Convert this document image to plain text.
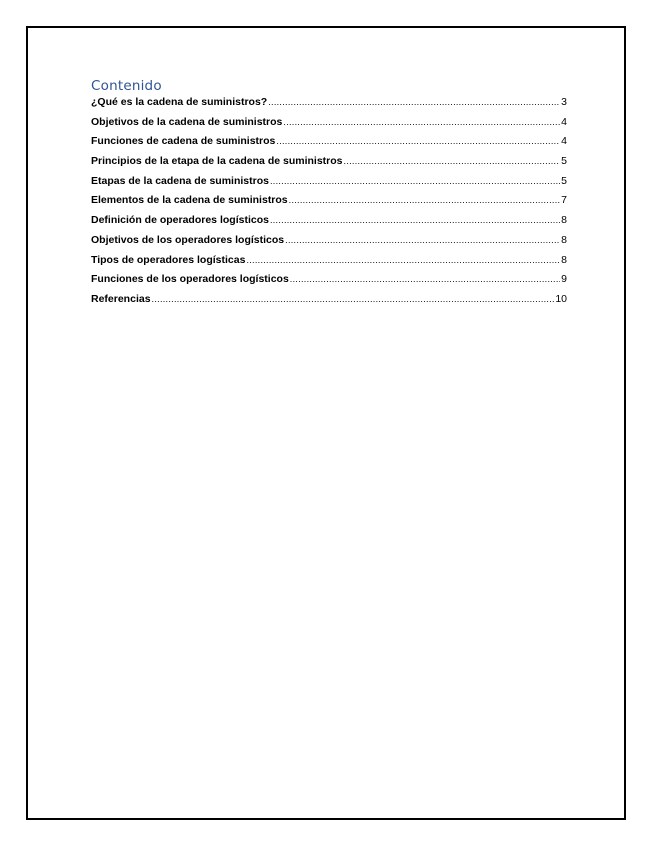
Contenido
¿Qué es la cadena de suministros? .....	3
Objetivos de la cadena de suministros .....	4
Funciones de cadena de suministros .....	4
Principios de la etapa de la cadena de suministros .....	5
Etapas de la cadena de suministros .....	5
Elementos de la cadena de suministros .....	7
Definición de operadores logísticos .....	8
Objetivos de los operadores logísticos .....	8
Tipos de operadores logísticas .....	8
Funciones de los operadores logísticos .....	9
Referencias .....	10
